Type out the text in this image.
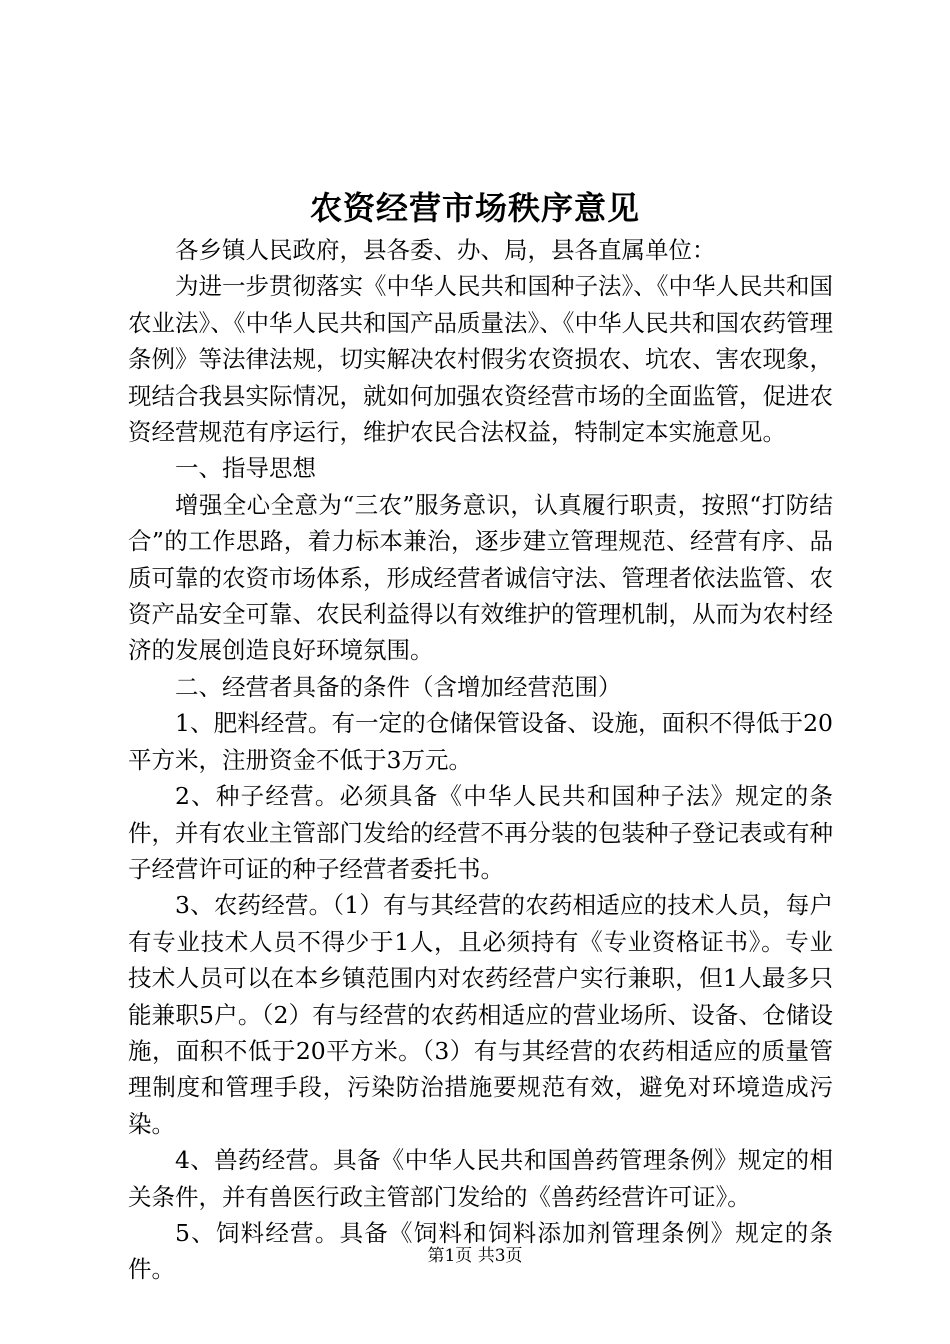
农资经营市场秩序意见

各乡镇人民政府，县各委、办、局，县各直属单位：

为进一步贯彻落实《中华人民共和国种子法》、《中华人民共和国农业法》、《中华人民共和国产品质量法》、《中华人民共和国农药管理条例》等法律法规，切实解决农村假劣农资损农、坑农、害农现象，现结合我县实际情况，就如何加强农资经营市场的全面监管，促进农资经营规范有序运行，维护农民合法权益，特制定本实施意见。

一、指导思想

增强全心全意为“三农”服务意识，认真履行职责，按照“打防结合”的工作思路，着力标本兼治，逐步建立管理规范、经营有序、品质可靠的农资市场体系，形成经营者诚信守法、管理者依法监管、农资产品安全可靠、农民利益得以有效维护的管理机制，从而为农村经济的发展创造良好环境氛围。

二、经营者具备的条件（含增加经营范围）

1、肥料经营。有一定的仓储保管设备、设施，面积不得低于20平方米，注册资金不低于3万元。

2、种子经营。必须具备《中华人民共和国种子法》规定的条件，并有农业主管部门发给的经营不再分装的包装种子登记表或有种子经营许可证的种子经营者委托书。

3、农药经营。（1）有与其经营的农药相适应的技术人员，每户有专业技术人员不得少于1人，且必须持有《专业资格证书》。专业技术人员可以在本乡镇范围内对农药经营户实行兼职，但1人最多只能兼职5户。（2）有与经营的农药相适应的营业场所、设备、仓储设施，面积不低于20平方米。（3）有与其经营的农药相适应的质量管理制度和管理手段，污染防治措施要规范有效，避免对环境造成污染。

4、兽药经营。具备《中华人民共和国兽药管理条例》规定的相关条件，并有兽医行政主管部门发给的《兽药经营许可证》。

5、饲料经营。具备《饲料和饲料添加剂管理条例》规定的条件。	第1页 共3页
